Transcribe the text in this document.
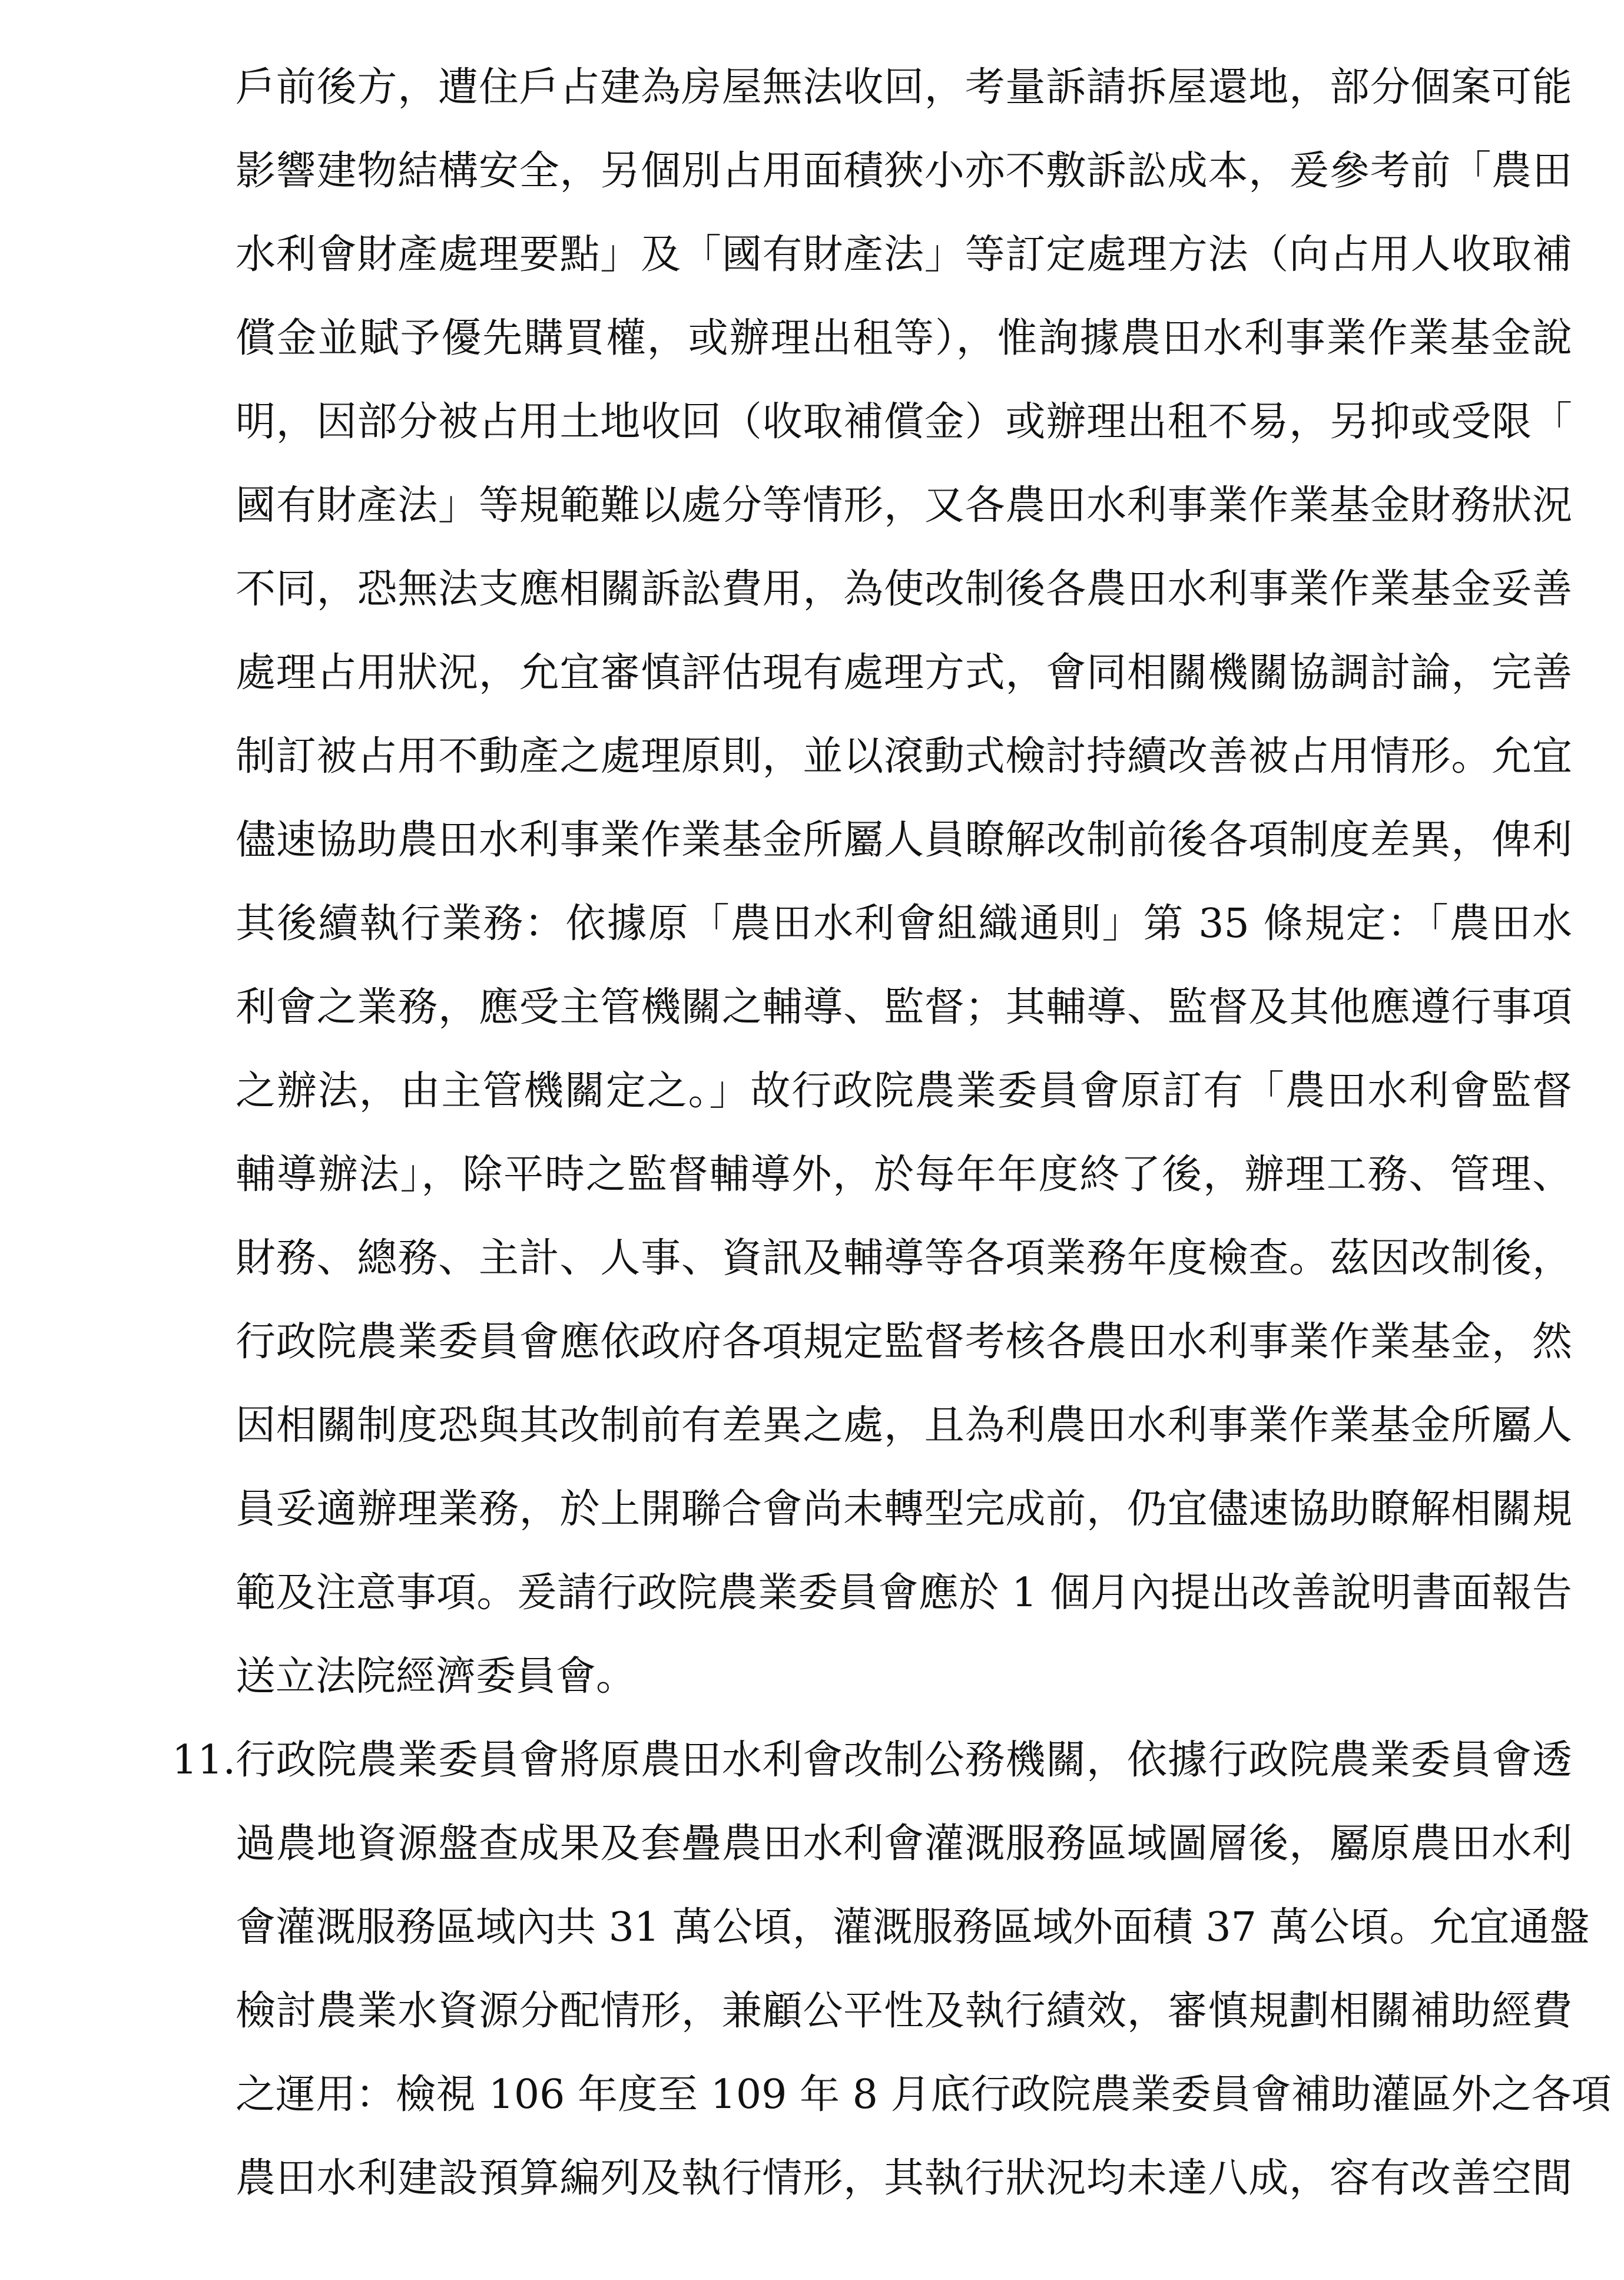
戶前後方，遭住戶占建為房屋無法收回，考量訴請拆屋還地，部分個案可能
影響建物結構安全，另個別占用面積狹小亦不敷訴訟成本，爰參考前「農田
水利會財產處理要點」及「國有財產法」等訂定處理方法（向占用人收取補
償金並賦予優先購買權，或辦理出租等），惟詢據農田水利事業作業基金說
明，因部分被占用土地收回（收取補償金）或辦理出租不易，另抑或受限「
國有財產法」等規範難以處分等情形，又各農田水利事業作業基金財務狀況
不同，恐無法支應相關訴訟費用，為使改制後各農田水利事業作業基金妥善
處理占用狀況，允宜審慎評估現有處理方式，會同相關機關協調討論，完善
制訂被占用不動產之處理原則，並以滾動式檢討持續改善被占用情形。允宜
儘速協助農田水利事業作業基金所屬人員瞭解改制前後各項制度差異，俾利
其後續執行業務：依據原「農田水利會組織通則」第 35 條規定：「農田水
利會之業務，應受主管機關之輔導、監督；其輔導、監督及其他應遵行事項
之辦法，由主管機關定之。」故行政院農業委員會原訂有「農田水利會監督
輔導辦法」，除平時之監督輔導外，於每年年度終了後，辦理工務、管理、
財務、總務、主計、人事、資訊及輔導等各項業務年度檢查。茲因改制後，
行政院農業委員會應依政府各項規定監督考核各農田水利事業作業基金，然
因相關制度恐與其改制前有差異之處，且為利農田水利事業作業基金所屬人
員妥適辦理業務，於上開聯合會尚未轉型完成前，仍宜儘速協助瞭解相關規
範及注意事項。爰請行政院農業委員會應於 1 個月內提出改善說明書面報告
送立法院經濟委員會。
11. 行政院農業委員會將原農田水利會改制公務機關，依據行政院農業委員會透
過農地資源盤查成果及套疊農田水利會灌溉服務區域圖層後，屬原農田水利
會灌溉服務區域內共 31 萬公頃，灌溉服務區域外面積 37 萬公頃。允宜通盤
檢討農業水資源分配情形，兼顧公平性及執行績效，審慎規劃相關補助經費
之運用：檢視 106 年度至 109 年 8 月底行政院農業委員會補助灌區外之各項
農田水利建設預算編列及執行情形，其執行狀況均未達八成，容有改善空間
